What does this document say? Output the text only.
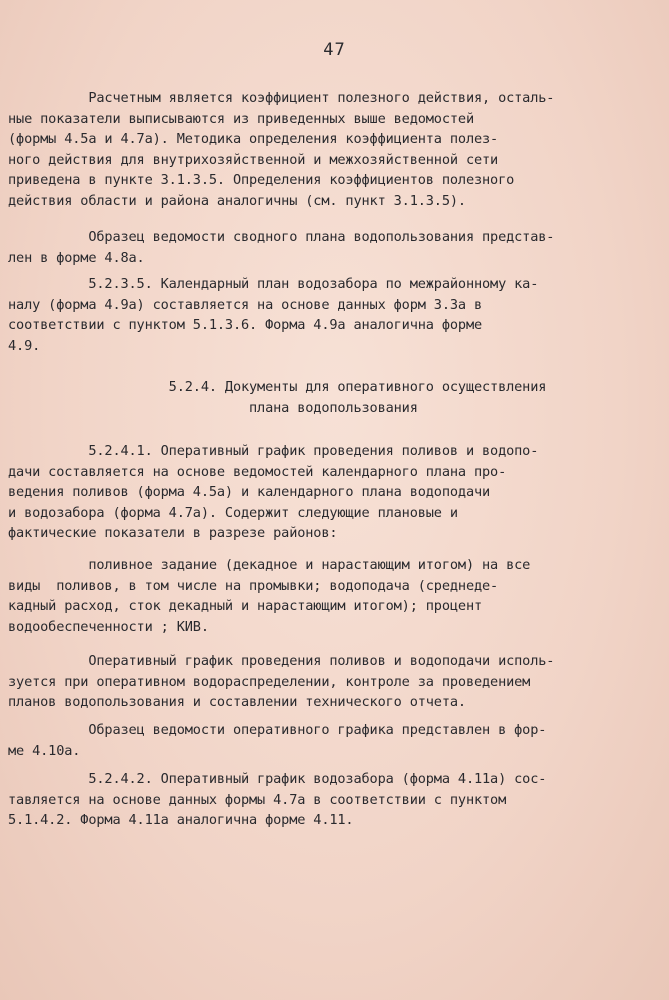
47
Расчетным является коэффициент полезного действия, осталь-
ные показатели выписываются из приведенных выше ведомостей
(формы 4.5а и 4.7а). Методика определения коэффициента полез-
ного действия для внутрихозяйственной и межхозяйственной сети
приведена в пункте 3.1.3.5. Определения коэффициентов полезного
действия области и района аналогичны (см. пункт 3.1.3.5).
Образец ведомости сводного плана водопользования представ-
лен в форме 4.8а.
5.2.3.5. Календарный план водозабора по межрайонному ка-
налу (форма 4.9а) составляется на основе данных форм 3.3а в
соответствии с пунктом 5.1.3.6. Форма 4.9а аналогична форме
4.9.
5.2.4. Документы для оперативного осуществления
плана водопользования
5.2.4.1. Оперативный график проведения поливов и водопо-
дачи составляется на основе ведомостей календарного плана про-
ведения поливов (форма 4.5а) и календарного плана водоподачи
и водозабора (форма 4.7а). Содержит следующие плановые и
фактические показатели в разрезе районов:
поливное задание (декадное и нарастающим итогом) на все
виды  поливов, в том числе на промывки; водоподача (среднеде-
кадный расход, сток декадный и нарастающим итогом); процент
водообеспеченности ; КИВ.
Оперативный график проведения поливов и водоподачи исполь-
зуется при оперативном водораспределении, контроле за проведением
планов водопользования и составлении технического отчета.
Образец ведомости оперативного графика представлен в фор-
ме 4.10а.
5.2.4.2. Оперативный график водозабора (форма 4.11а) сос-
тавляется на основе данных формы 4.7а в соответствии с пунктом
5.1.4.2. Форма 4.11а аналогична форме 4.11.
